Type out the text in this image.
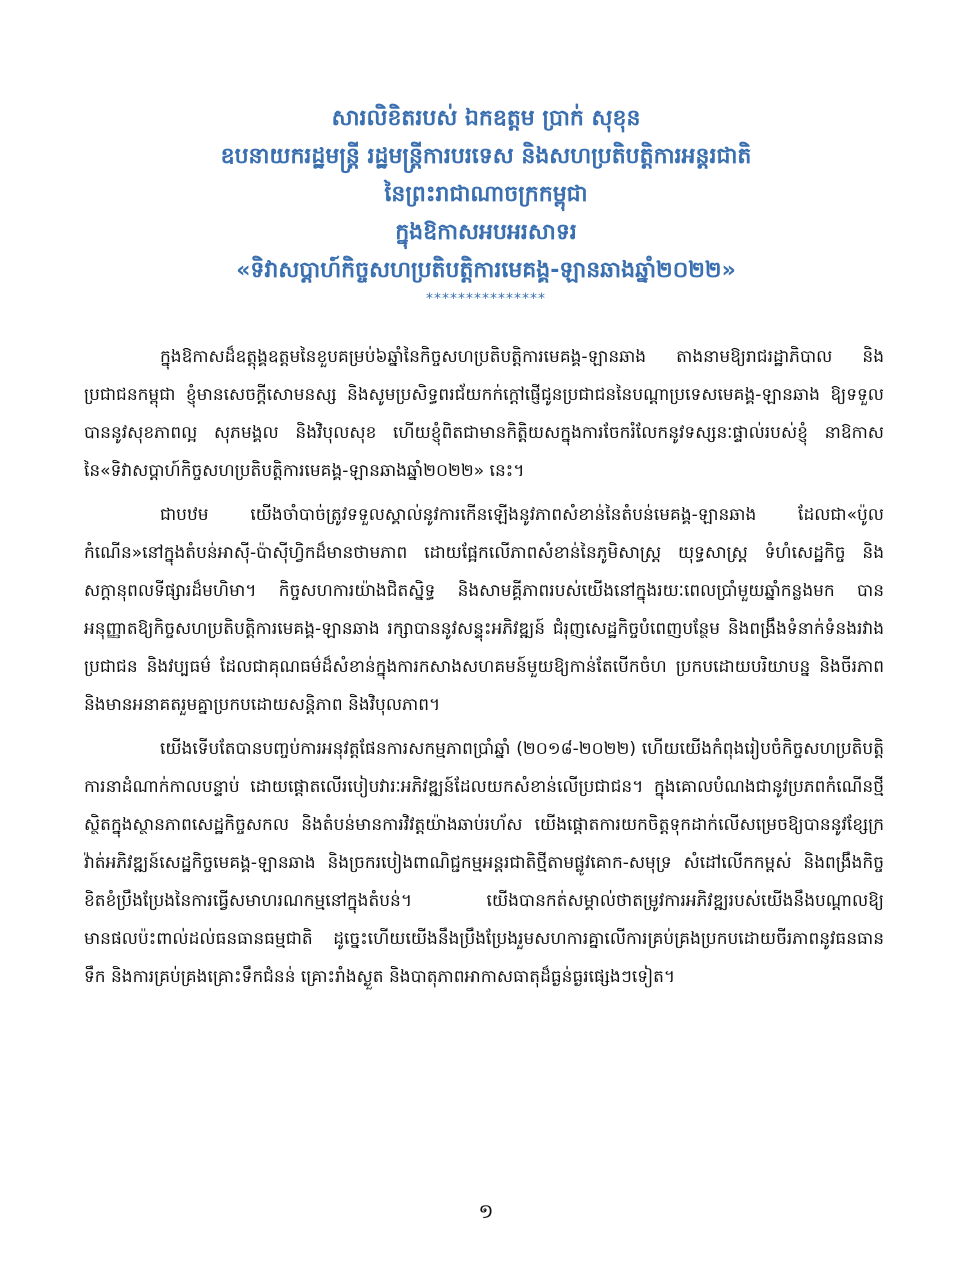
សារលិខិតរបស់ ឯកឧត្តម ប្រាក់ សុខុន
ឧបនាយករដ្ឋមន្រ្តី រដ្ឋមន្រ្តីការបរទេស និងសហប្រតិបត្តិការអន្តរជាតិ
នៃព្រះរាជាណាចក្រកម្ពុជា
ក្នុងឱកាសអបអរសាទរ
«ទិវាសប្តាហ៍កិច្ចសហប្រតិបត្តិការមេគង្គ-ឡានឆាងឆ្នាំ២០២២»
***************

ក្នុងឱកាសដ៏ឧត្តុង្គឧត្តមនៃខួបគម្រប់៦ឆ្នាំនៃកិច្ចសហប្រតិបត្តិការមេគង្គ-ឡានឆាង តាងនាមឱ្យរាជរដ្ឋាភិបាល និងប្រជាជនកម្ពុជា ខ្ញុំមានសេចក្តីសោមនស្ស និងសូមប្រសិទ្ធពរជ័យកក់ក្តៅផ្ញើជូនប្រជាជននៃបណ្តាប្រទេសមេគង្គ-ឡានឆាង ឱ្យទទួលបាននូវសុខភាពល្អ សុភមង្គល និងវិបុលសុខ ហើយខ្ញុំពិតជាមានកិត្តិយសក្នុងការចែករំលែកនូវទស្សនៈផ្ទាល់របស់ខ្ញុំ នាឱកាសនៃ«ទិវាសប្តាហ៍កិច្ចសហប្រតិបត្តិការមេគង្គ-ឡានឆាងឆ្នាំ២០២២» នេះ។

ជាបឋម យើងចាំបាច់ត្រូវទទួលស្គាល់នូវការកើនឡើងនូវភាពសំខាន់នៃតំបន់មេគង្គ-ឡានឆាង ដែលជា«ប៉ូលកំណើន»នៅក្នុងតំបន់អាស៊ី-ប៉ាស៊ីហ្វិកដ៏មានថាមភាព ដោយផ្អែកលើភាពសំខាន់នៃភូមិសាស្រ្ត យុទ្ធសាស្រ្ត ទំហំសេដ្ឋកិច្ច និងសក្តានុពលទីផ្សារដ៏មហិមា។ កិច្ចសហការយ៉ាងជិតស្និទ្ធ និងសាមគ្គីភាពរបស់យើងនៅក្នុងរយៈពេលប្រាំមួយឆ្នាំកន្លងមក បានអនុញ្ញាតឱ្យកិច្ចសហប្រតិបត្តិការមេគង្គ-ឡានឆាង រក្សាបាននូវសន្ទុះអភិវឌ្ឍន៍ ជំរុញសេដ្ឋកិច្ចបំពេញបន្ថែម និងពង្រឹងទំនាក់ទំនងរវាងប្រជាជន និងវប្បធម៌ ដែលជាគុណធម៌ដ៏សំខាន់ក្នុងការកសាងសហគមន៍មួយឱ្យកាន់តែបើកចំហ ប្រកបដោយបរិយាបន្ន និងចីរភាព និងមានអនាគតរួមគ្នាប្រកបដោយសន្តិភាព និងវិបុលភាព។

យើងទើបតែបានបញ្ចប់ការអនុវត្តផែនការសកម្មភាពប្រាំឆ្នាំ (២០១៨-២០២២) ហើយយើងកំពុងរៀបចំកិច្ចសហប្រតិបត្តិការនាដំណាក់កាលបន្ទាប់ ដោយផ្តោតលើរបៀបវារៈអភិវឌ្ឍន៍ដែលយកសំខាន់លើប្រជាជន។ ក្នុងគោលបំណងជានូវប្រភពកំណើនថ្មី ស្ថិតក្នុងស្ថានភាពសេដ្ឋកិច្ចសកល និងតំបន់មានការវិវត្តយ៉ាងឆាប់រហ័ស យើងផ្តោតការយកចិត្តទុកដាក់លើសម្រេចឱ្យបាននូវខ្សែក្រវ៉ាត់អភិវឌ្ឍន៍សេដ្ឋកិច្ចមេគង្គ-ឡានឆាង និងច្រករបៀងពាណិជ្ជកម្មអន្តរជាតិថ្មីតាមផ្លូវគោក-សមុទ្រ សំដៅលើកកម្ពស់ និងពង្រឹងកិច្ចខិតខំប្រឹងប្រែងនៃការធ្វើសមាហរណកម្មនៅក្នុងតំបន់។ យើងបានកត់សម្គាល់ថាតម្រូវការអភិវឌ្ឍរបស់យើងនឹងបណ្តាលឱ្យមានផលប៉ះពាល់ដល់ធនធានធម្មជាតិ ដូច្នេះហើយយើងនឹងប្រឹងប្រែងរួមសហការគ្នាលើការគ្រប់គ្រងប្រកបដោយចីរភាពនូវធនធានទឹក និងការគ្រប់គ្រងគ្រោះទឹកជំនន់ គ្រោះរាំងស្ងួត និងបាតុភាពអាកាសធាតុដ៏ធ្ងន់ធ្ងរផ្សេងៗទៀត។

១
